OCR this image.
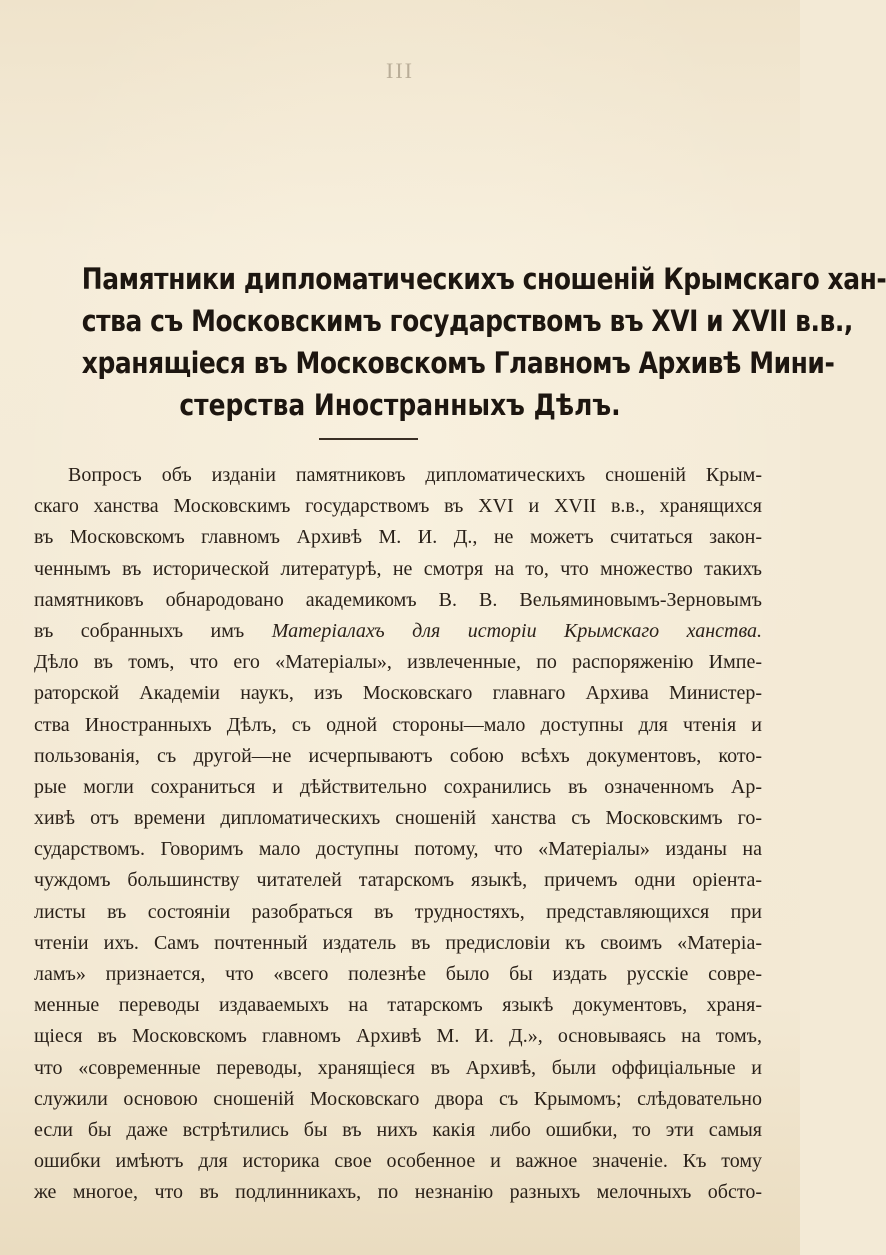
III
Памятники дипломатическихъ сношенiй Крымскаго хан-
ства съ Московскимъ государствомъ въ XVI и XVII в.в.,
хранящiеся въ Московскомъ Главномъ Архивѣ Мини-
стерства Иностранныхъ Дѣлъ.
Вопросъ объ изданiи памятниковъ дипломатическихъ сношенiй Крым-
скаго ханства Московскимъ государствомъ въ XVI и XVII в.в., хранящихся
въ Московскомъ главномъ Архивѣ М. И. Д., не можетъ считаться закон-
ченнымъ въ исторической литературѣ, не смотря на то, что множество такихъ
памятниковъ обнародовано академикомъ В. В. Вельяминовымъ-Зерновымъ
въ собранныхъ имъ Матерiалахъ для исторiи Крымскаго ханства.
Дѣло въ томъ, что его «Матерiалы», извлеченные, по распоряженiю Импе-
раторской Академiи наукъ, изъ Московскаго главнаго Архива Министер-
ства Иностранныхъ Дѣлъ, съ одной стороны—мало доступны для чтенiя и
пользованiя, съ другой—не исчерпываютъ собою всѣхъ документовъ, кото-
рые могли сохраниться и дѣйствительно сохранились въ означенномъ Ар-
хивѣ отъ времени дипломатическихъ сношенiй ханства съ Московскимъ го-
сударствомъ. Говоримъ мало доступны потому, что «Матерiалы» изданы на
чуждомъ большинству читателей татарскомъ языкѣ, причемъ одни орiента-
листы въ состоянiи разобраться въ трудностяхъ, представляющихся при
чтенiи ихъ. Самъ почтенный издатель въ предисловiи къ своимъ «Матерiа-
ламъ» признается, что «всего полезнѣе было бы издать русскiе совре-
менные переводы издаваемыхъ на татарскомъ языкѣ документовъ, храня-
щiеся въ Московскомъ главномъ Архивѣ М. И. Д.», основываясь на томъ,
что «современные переводы, хранящiеся въ Архивѣ, были оффицiальные и
служили основою сношенiй Московскаго двора съ Крымомъ; слѣдовательно
если бы даже встрѣтились бы въ нихъ какiя либо ошибки, то эти самыя
ошибки имѣютъ для историка свое особенное и важное значенiе. Къ тому
же многое, что въ подлинникахъ, по незнанiю разныхъ мелочныхъ обсто-
